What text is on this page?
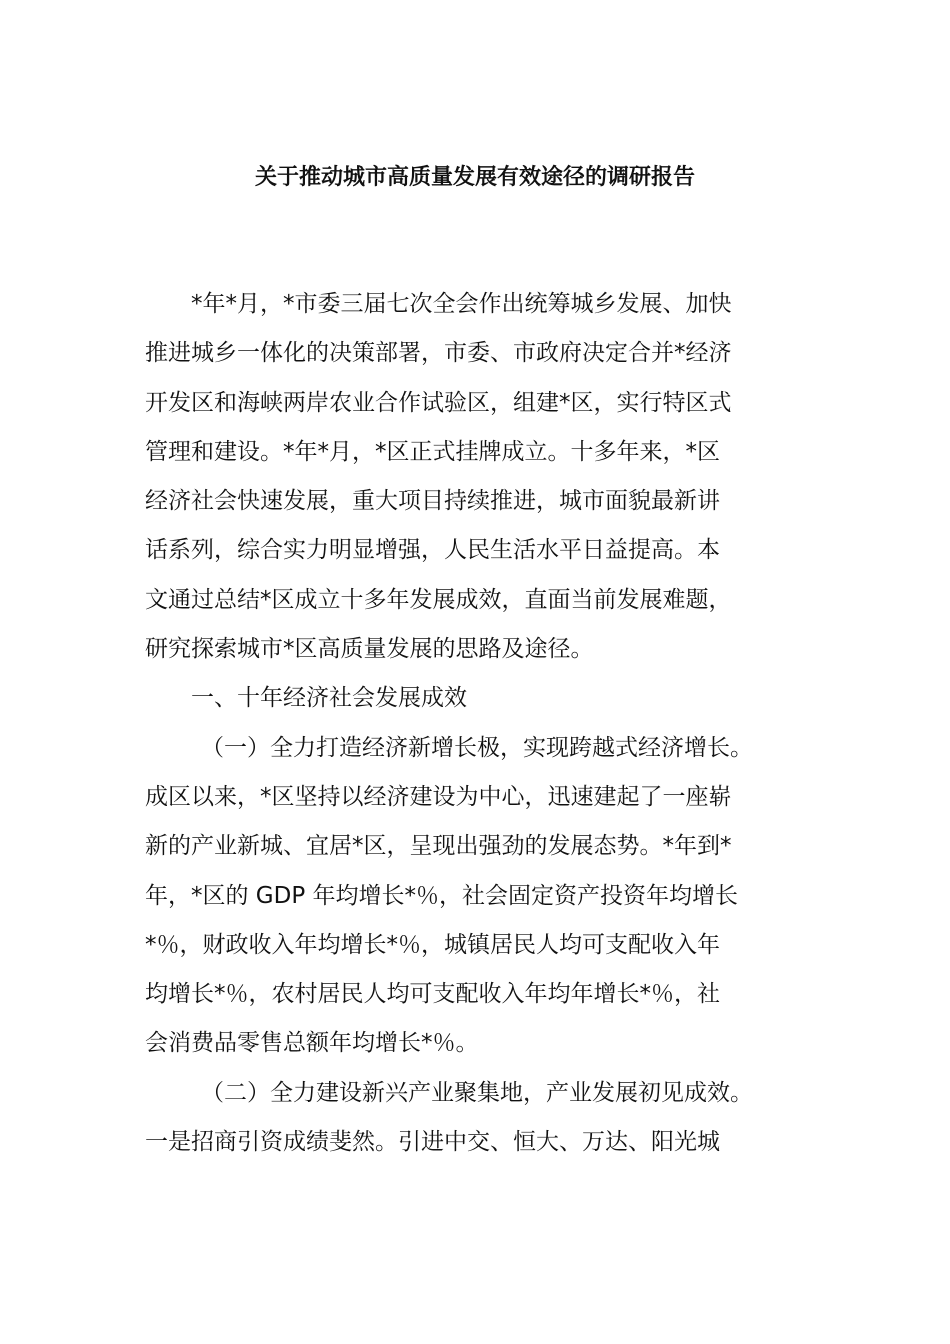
关于推动城市高质量发展有效途径的调研报告
*年*月，*市委三届七次全会作出统筹城乡发展、加快
推进城乡一体化的决策部署，市委、市政府决定合并*经济
开发区和海峡两岸农业合作试验区，组建*区，实行特区式
管理和建设。*年*月，*区正式挂牌成立。十多年来，*区
经济社会快速发展，重大项目持续推进，城市面貌最新讲
话系列，综合实力明显增强，人民生活水平日益提高。本
文通过总结*区成立十多年发展成效，直面当前发展难题，
研究探索城市*区高质量发展的思路及途径。
一、十年经济社会发展成效
（一）全力打造经济新增长极，实现跨越式经济增长。
成区以来，*区坚持以经济建设为中心，迅速建起了一座崭
新的产业新城、宜居*区，呈现出强劲的发展态势。*年到*
年，*区的 GDP 年均增长*％，社会固定资产投资年均增长
*％，财政收入年均增长*％，城镇居民人均可支配收入年
均增长*％，农村居民人均可支配收入年均年增长*％，社
会消费品零售总额年均增长*％。
（二）全力建设新兴产业聚集地，产业发展初见成效。
一是招商引资成绩斐然。引进中交、恒大、万达、阳光城
